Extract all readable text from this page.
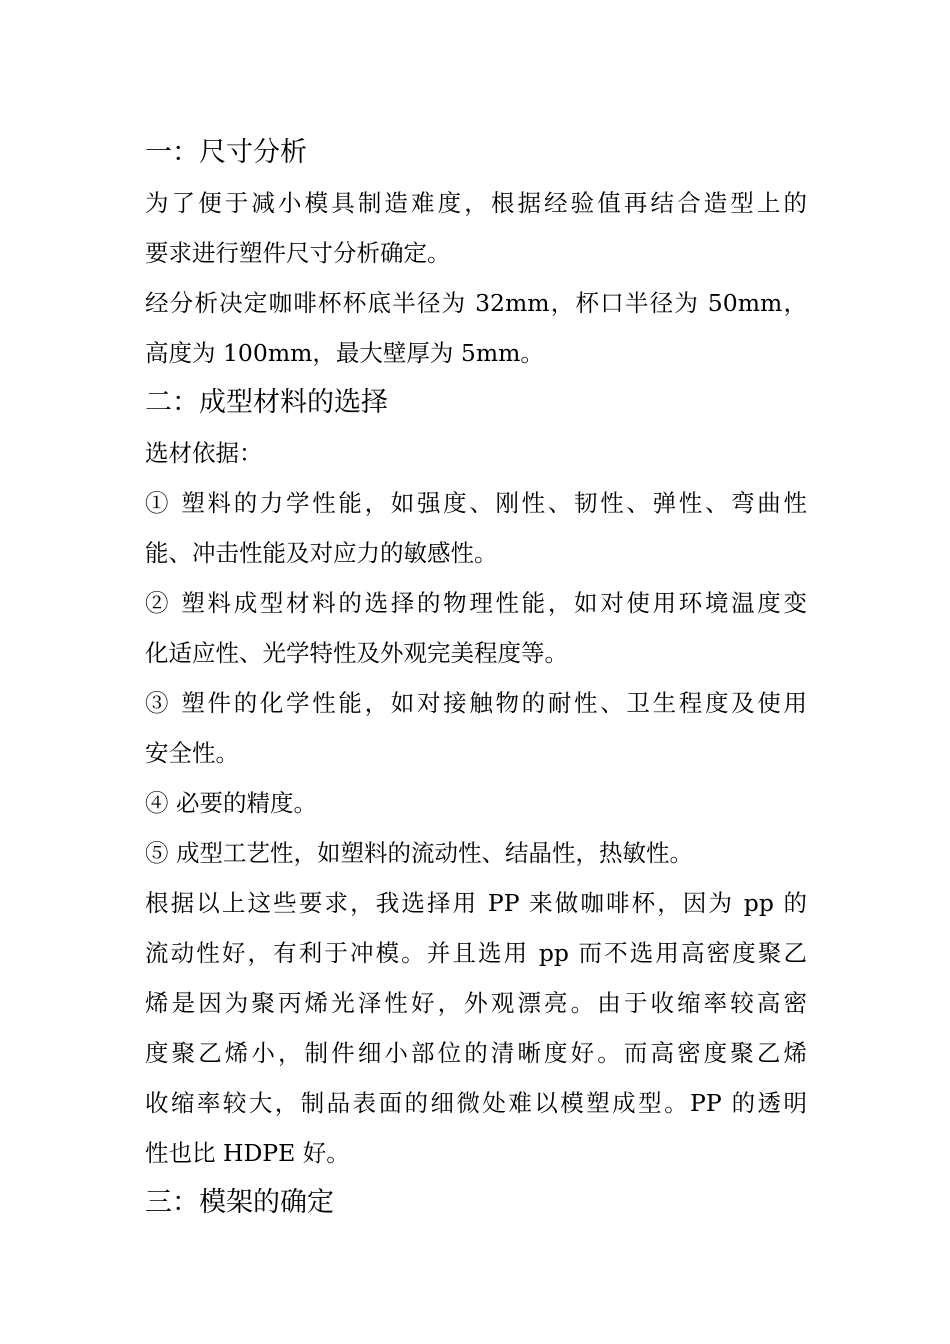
一：尺寸分析

为了便于减小模具制造难度，根据经验值再结合造型上的
要求进行塑件尺寸分析确定。

经分析决定咖啡杯杯底半径为 32mm，杯口半径为 50mm，
高度为 100mm，最大壁厚为 5mm。

二：成型材料的选择

选材依据：

① 塑料的力学性能，如强度、刚性、韧性、弹性、弯曲性
能、冲击性能及对应力的敏感性。

② 塑料成型材料的选择的物理性能，如对使用环境温度变
化适应性、光学特性及外观完美程度等。

③ 塑件的化学性能，如对接触物的耐性、卫生程度及使用
安全性。

④ 必要的精度。

⑤ 成型工艺性，如塑料的流动性、结晶性，热敏性。

根据以上这些要求，我选择用 PP 来做咖啡杯，因为 pp 的
流动性好，有利于冲模。并且选用 pp 而不选用高密度聚乙
烯是因为聚丙烯光泽性好，外观漂亮。由于收缩率较高密
度聚乙烯小，制件细小部位的清晰度好。而高密度聚乙烯
收缩率较大，制品表面的细微处难以模塑成型。PP 的透明
性也比 HDPE 好。

三：模架的确定
